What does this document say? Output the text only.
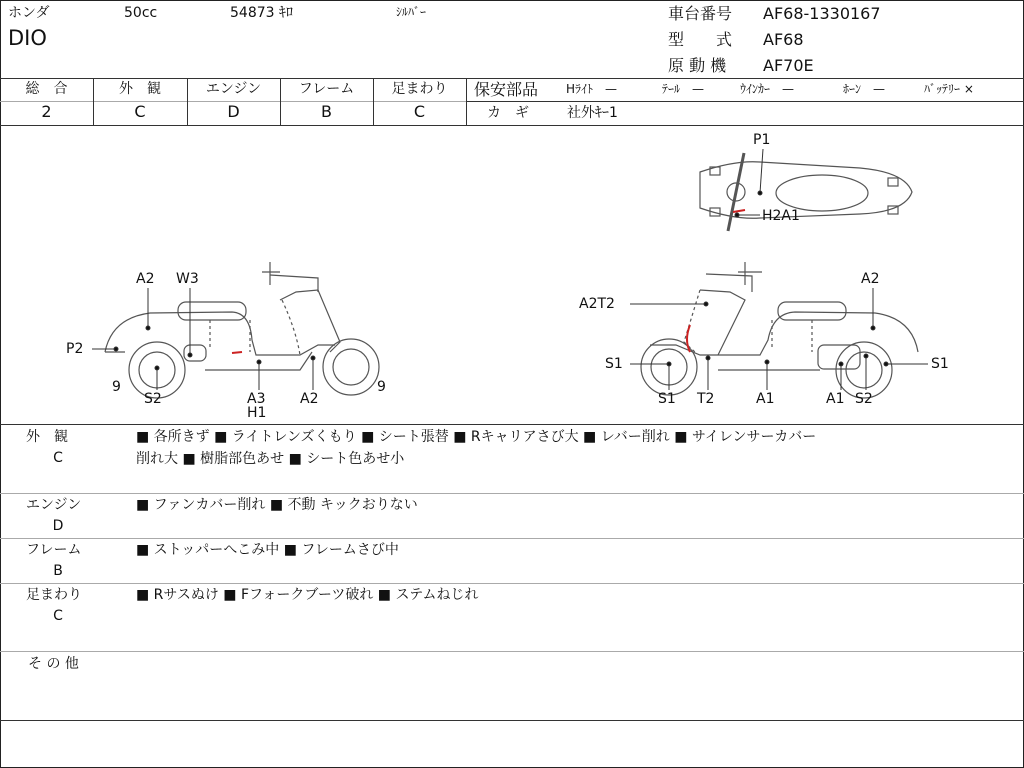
ホンダ	50cc	54873 ｷﾛ	ｼﾙﾊﾞｰ
DIO
車台番号 AF68-1330167
型　　式 AF68
原 動 機 AF70E
総　合	外　観	エンジン	フレーム	足まわり
2	C	D	B	C
保安部品 Hﾗｲﾄ　—	ﾃｰﾙ　—	ｳｲﾝｶｰ　—	ﾎｰﾝ　—	ﾊﾞｯﾃﾘｰ ×
カ　ギ	社外ｷｰ1
P1
H2A1
A2 W3
P2
9
S2	A3
H1
A2
9
A2
A2T2
S1
S1 T2	A1	A1 S2
S1
外　観
C
■ 各所きず ■ ライトレンズくもり ■ シート張替 ■ Rキャリアさび大 ■ レバー削れ ■ サイレンサーカバー
削れ大 ■ 樹脂部色あせ ■ シート色あせ小
エンジン
D
■ ファンカバー削れ ■ 不動 キックおりない
フレーム
B
■ ストッパーへこみ中 ■ フレームさび中
足まわり
C
■ Rサスぬけ ■ Fフォークブーツ破れ ■ ステムねじれ
そ の 他
